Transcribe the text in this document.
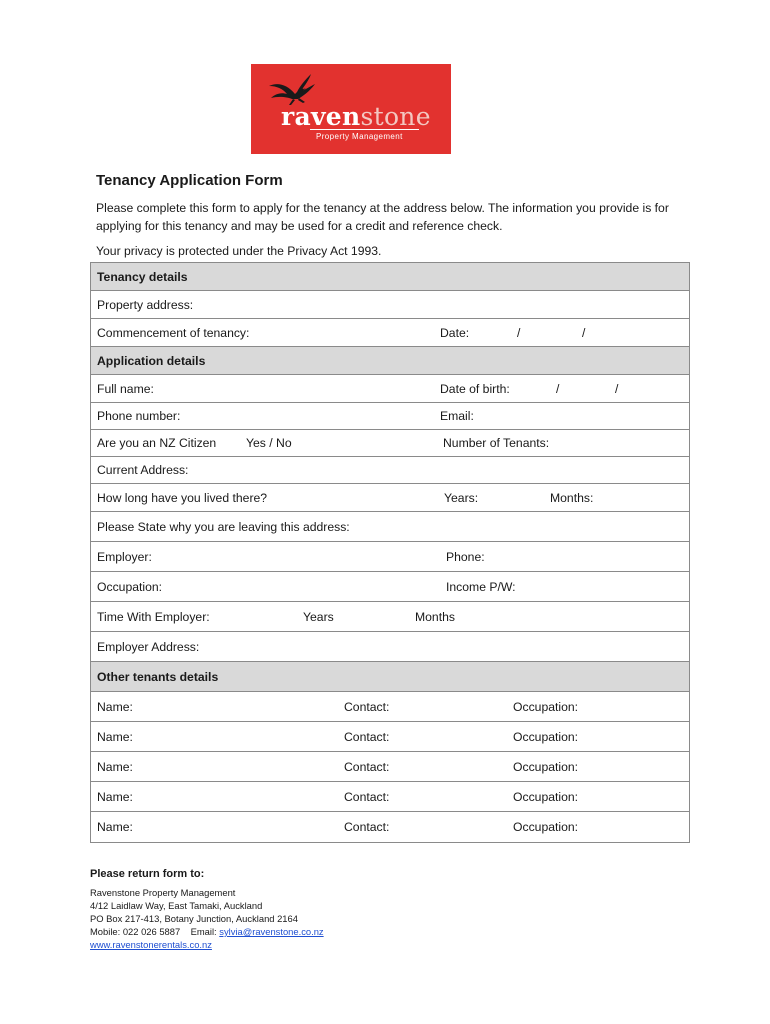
ravenstone
Property Management
Tenancy Application Form
Please complete this form to apply for the tenancy at the address below. The information you provide is for applying for this tenancy and may be used for a credit and reference check.
Your privacy is protected under the Privacy Act 1993.
Tenancy details
Property address:
Commencement of tenancy:	Date:	/	/
Application details
Full name:	Date of birth:	/	/
Phone number:	Email:
Are you an NZ Citizen Yes / No	Number of Tenants:
Current Address:
How long have you lived there?	Years:	Months:
Please State why you are leaving this address:
Employer:	Phone:
Occupation:	Income P/W:
Time With Employer:	Years	Months
Employer Address:
Other tenants details
Name:	Contact:	Occupation:
Name:	Contact:	Occupation:
Name:	Contact:	Occupation:
Name:	Contact:	Occupation:
Name:	Contact:	Occupation:
Please return form to:
Ravenstone Property Management
4/12 Laidlaw Way, East Tamaki, Auckland
PO Box 217-413, Botany Junction, Auckland 2164
Mobile: 022 026 5887 Email: sylvia@ravenstone.co.nz
www.ravenstonerentals.co.nz
